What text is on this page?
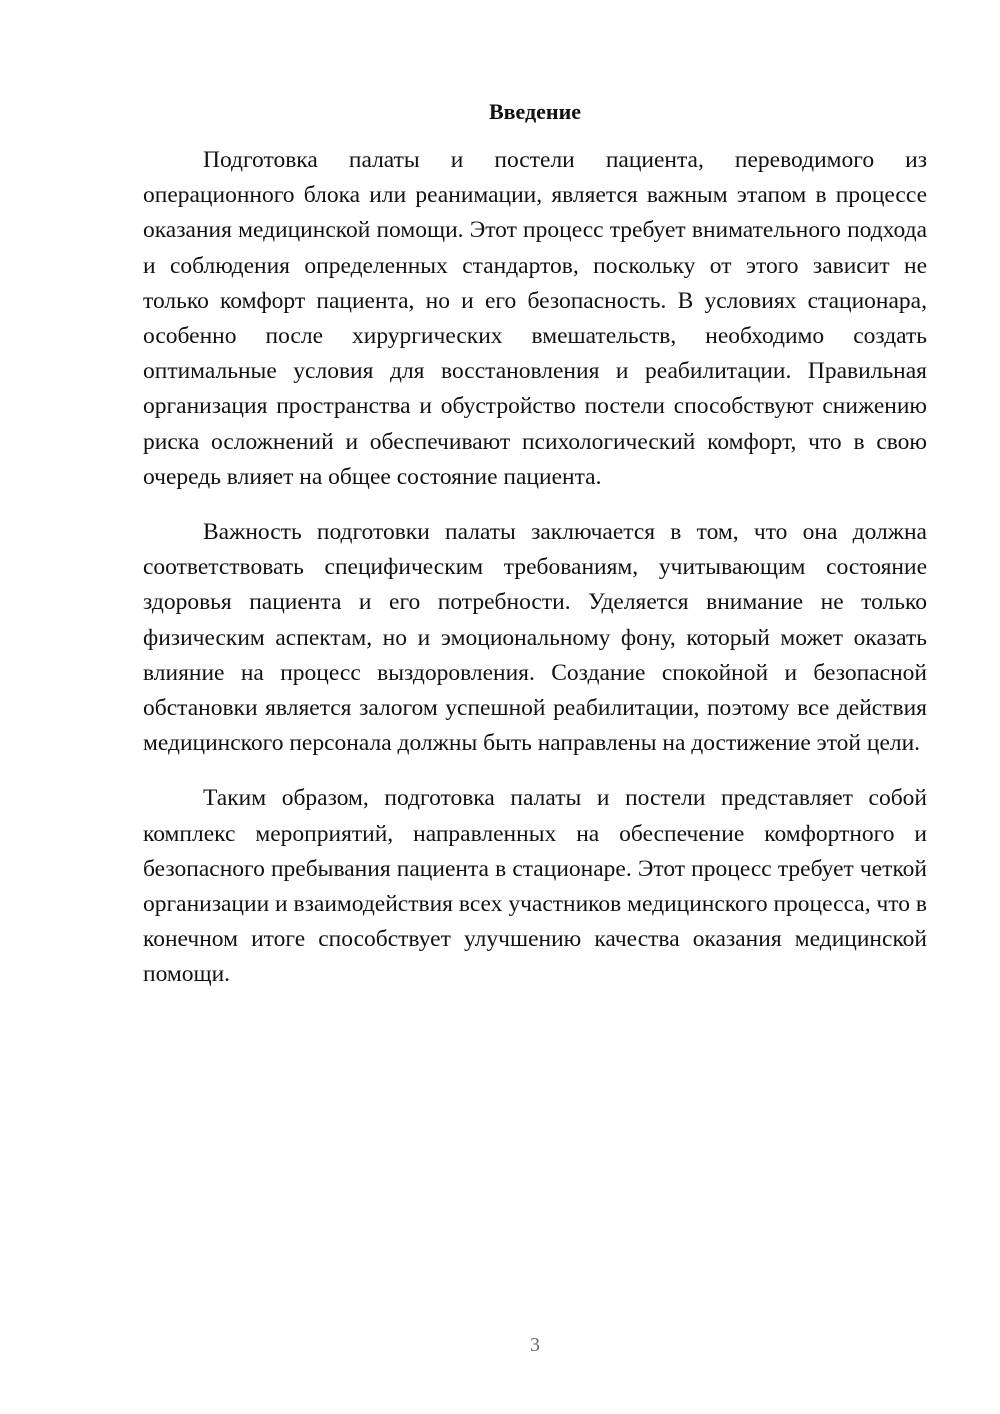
Введение

Подготовка палаты и постели пациента, переводимого из операционного блока или реанимации, является важным этапом в процессе оказания медицинской помощи. Этот процесс требует внимательного подхода и соблюдения определенных стандартов, поскольку от этого зависит не только комфорт пациента, но и его безопасность. В условиях стационара, особенно после хирургических вмешательств, необходимо создать оптимальные условия для восстановления и реабилитации. Правильная организация пространства и обустройство постели способствуют снижению риска осложнений и обеспечивают психологический комфорт, что в свою очередь влияет на общее состояние пациента.

Важность подготовки палаты заключается в том, что она должна соответствовать специфическим требованиям, учитывающим состояние здоровья пациента и его потребности. Уделяется внимание не только физическим аспектам, но и эмоциональному фону, который может оказать влияние на процесс выздоровления. Создание спокойной и безопасной обстановки является залогом успешной реабилитации, поэтому все действия медицинского персонала должны быть направлены на достижение этой цели.

Таким образом, подготовка палаты и постели представляет собой комплекс мероприятий, направленных на обеспечение комфортного и безопасного пребывания пациента в стационаре. Этот процесс требует четкой организации и взаимодействия всех участников медицинского процесса, что в конечном итоге способствует улучшению качества оказания медицинской помощи.

3
